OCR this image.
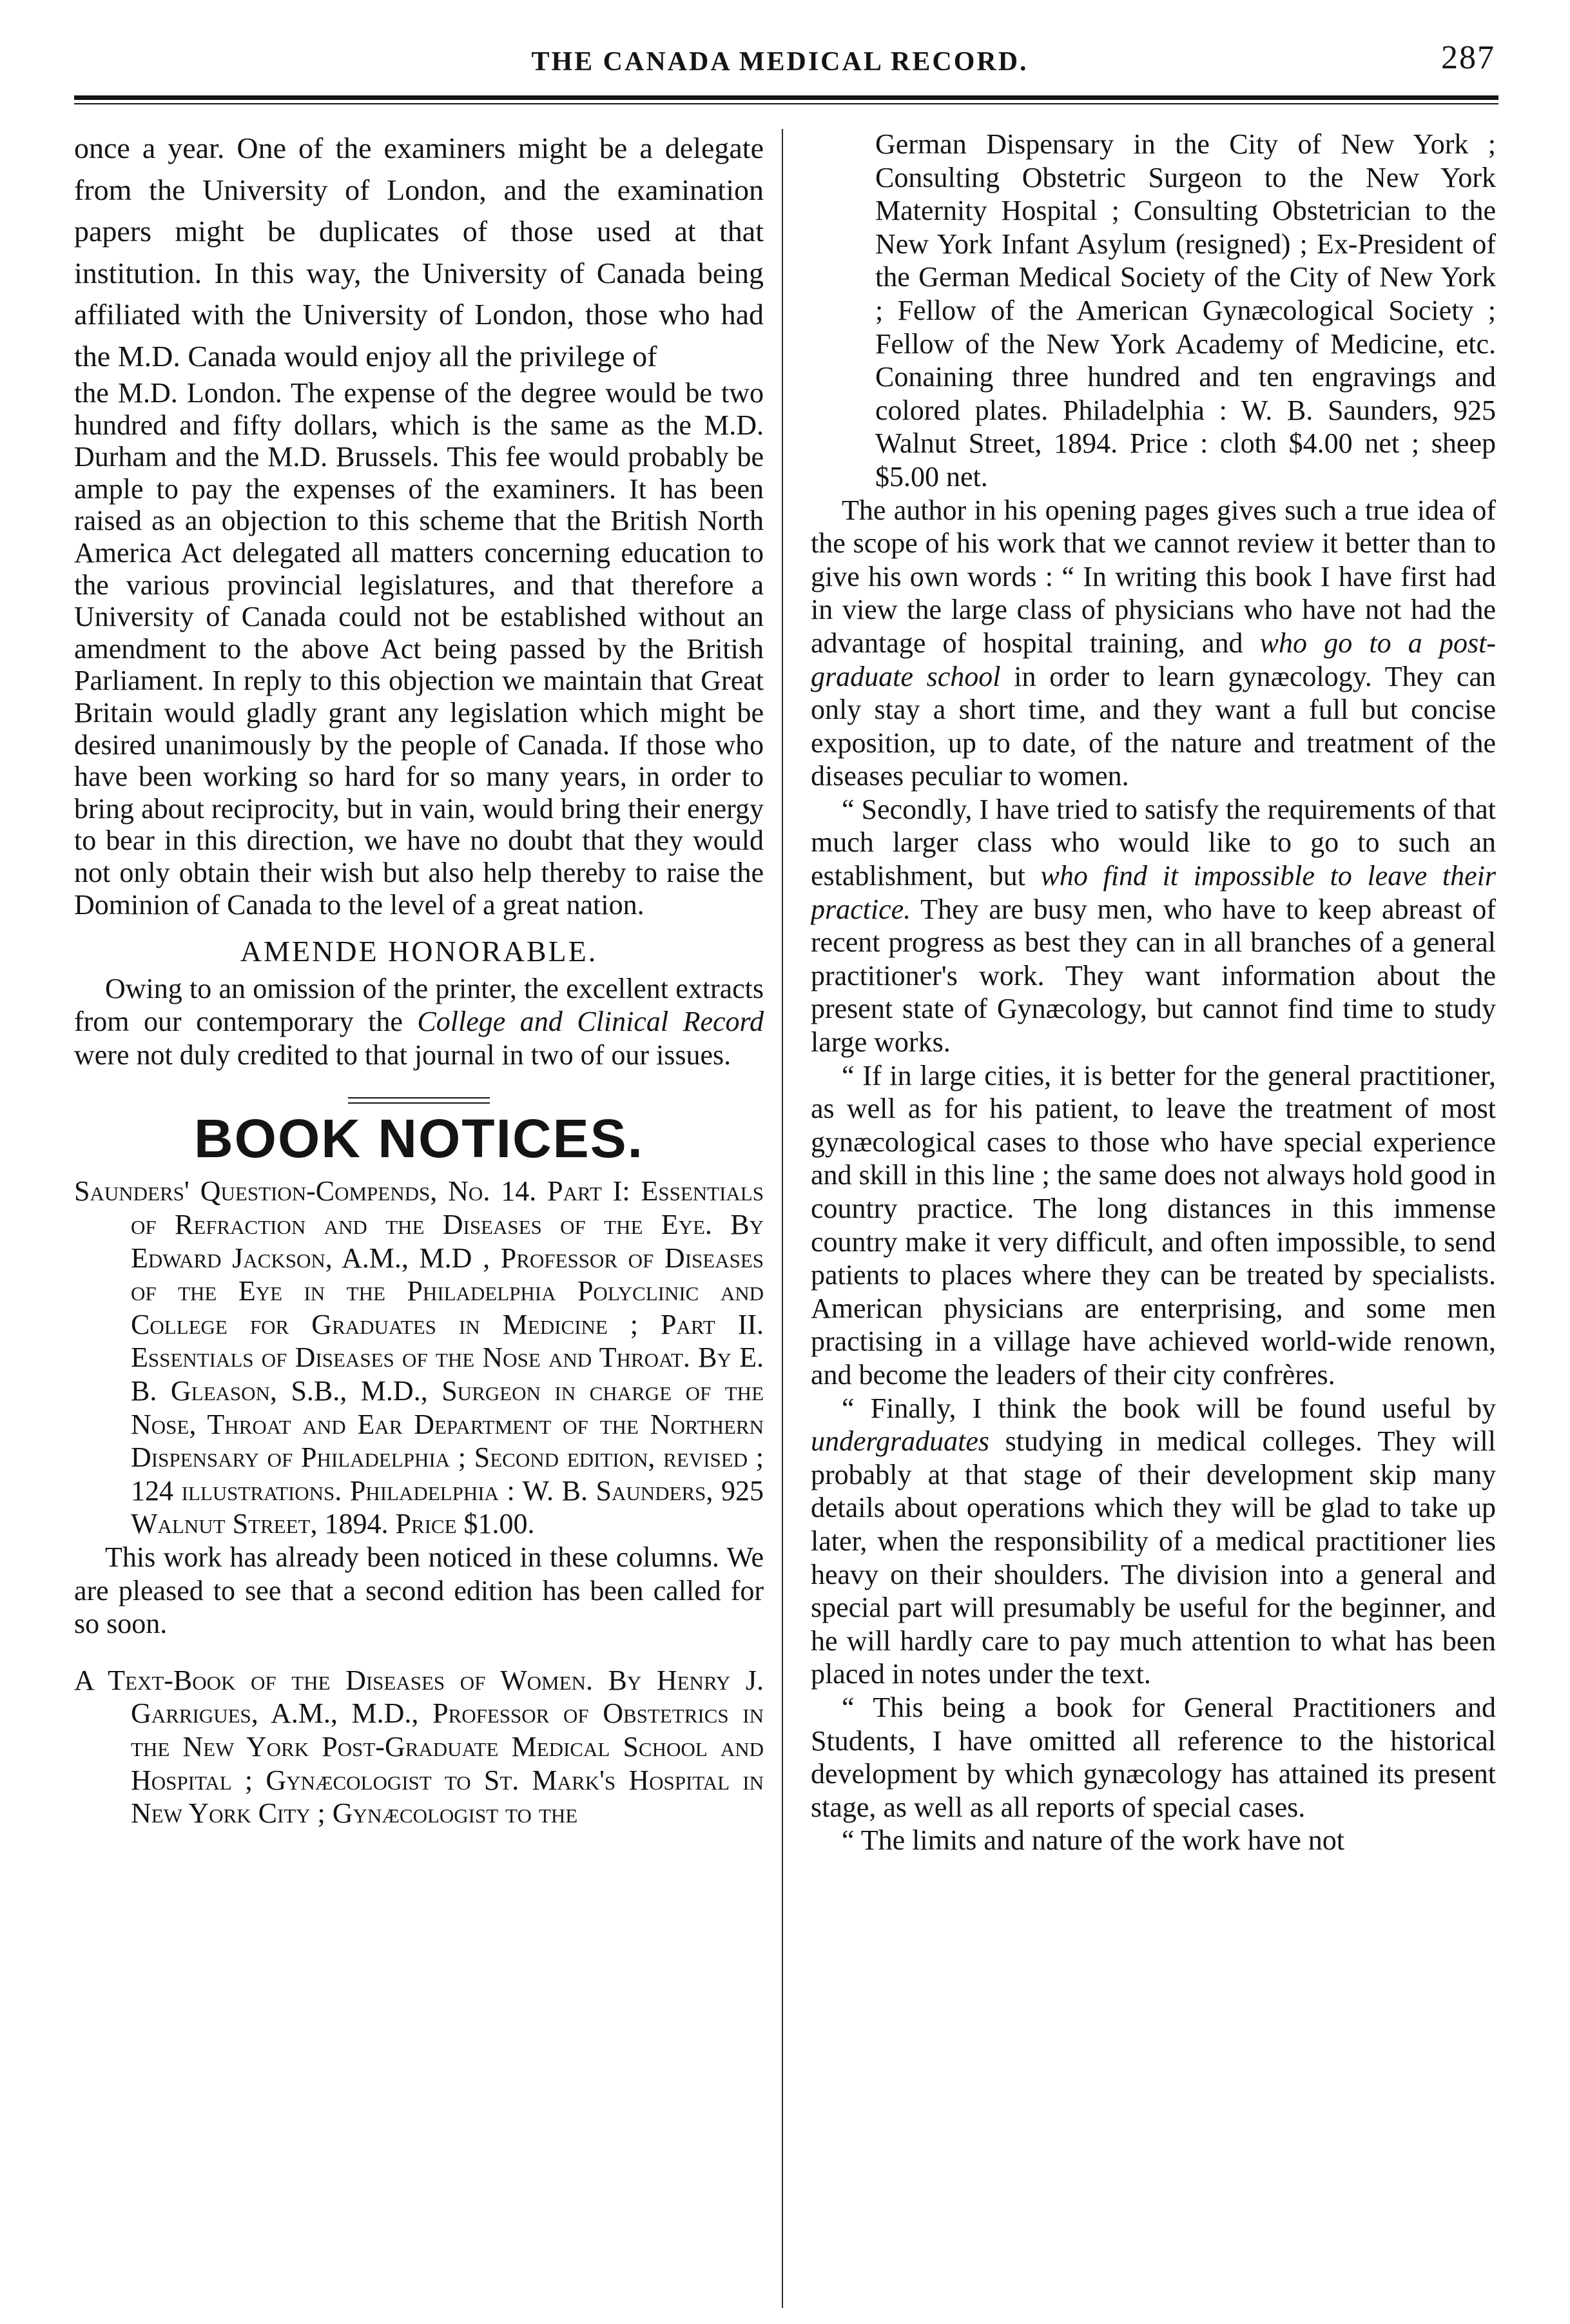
THE CANADA MEDICAL RECORD.	287

once a year. One of the examiners might be a delegate from the University of London, and the examination papers might be duplicates of those used at that institution. In this way, the University of Canada being affiliated with the University of London, those who had the M.D. Canada would enjoy all the privilege of

the M.D. London. The expense of the degree would be two hundred and fifty dollars, which is the same as the M.D. Durham and the M.D. Brussels. This fee would probably be ample to pay the expenses of the examiners. It has been raised as an objection to this scheme that the British North America Act delegated all matters concerning education to the various provincial legislatures, and that therefore a University of Canada could not be established without an amendment to the above Act being passed by the British Parliament. In reply to this objection we maintain that Great Britain would gladly grant any legislation which might be desired unanimously by the people of Canada. If those who have been working so hard for so many years, in order to bring about reciprocity, but in vain, would bring their energy to bear in this direction, we have no doubt that they would not only obtain their wish but also help thereby to raise the Dominion of Canada to the level of a great nation.

AMENDE HONORABLE.

Owing to an omission of the printer, the excellent extracts from our contemporary the College and Clinical Record were not duly credited to that journal in two of our issues.

BOOK NOTICES.

Saunders' Question-Compends, No. 14. Part I: Essentials of Refraction and the Diseases of the Eye. By Edward Jackson, A.M., M.D , Professor of Diseases of the Eye in the Philadelphia Polyclinic and College for Graduates in Medicine ; Part II. Essentials of Diseases of the Nose and Throat. By E. B. Gleason, S.B., M.D., Surgeon in charge of the Nose, Throat and Ear Department of the Northern Dispensary of Philadelphia ; Second edition, revised ; 124 illustrations. Philadelphia : W. B. Saunders, 925 Walnut Street, 1894. Price $1.00.

This work has already been noticed in these columns. We are pleased to see that a second edition has been called for so soon.

A Text-Book of the Diseases of Women. By Henry J. Garrigues, A.M., M.D., Professor of Obstetrics in the New York Post-Graduate Medical School and Hospital ; Gynæcologist to St. Mark's Hospital in New York City ; Gynæcologist to the

German Dispensary in the City of New York ; Consulting Obstetric Surgeon to the New York Maternity Hospital ; Consulting Obstetrician to the New York Infant Asylum (resigned) ; Ex-President of the German Medical Society of the City of New York ; Fellow of the American Gynæcological Society ; Fellow of the New York Academy of Medicine, etc. Conaining three hundred and ten engravings and colored plates. Philadelphia : W. B. Saunders, 925 Walnut Street, 1894. Price : cloth $4.00 net ; sheep $5.00 net.

The author in his opening pages gives such a true idea of the scope of his work that we cannot review it better than to give his own words : “ In writing this book I have first had in view the large class of physicians who have not had the advantage of hospital training, and who go to a post-graduate school in order to learn gynæcology. They can only stay a short time, and they want a full but concise exposition, up to date, of the nature and treatment of the diseases peculiar to women.

“ Secondly, I have tried to satisfy the requirements of that much larger class who would like to go to such an establishment, but who find it impossible to leave their practice. They are busy men, who have to keep abreast of recent progress as best they can in all branches of a general practitioner's work. They want information about the present state of Gynæcology, but cannot find time to study large works.

“ If in large cities, it is better for the general practitioner, as well as for his patient, to leave the treatment of most gynæcological cases to those who have special experience and skill in this line ; the same does not always hold good in country practice. The long distances in this immense country make it very difficult, and often impossible, to send patients to places where they can be treated by specialists. American physicians are enterprising, and some men practising in a village have achieved world-wide renown, and become the leaders of their city confrères.

“ Finally, I think the book will be found useful by undergraduates studying in medical colleges. They will probably at that stage of their development skip many details about operations which they will be glad to take up later, when the responsibility of a medical practitioner lies heavy on their shoulders. The division into a general and special part will presumably be useful for the beginner, and he will hardly care to pay much attention to what has been placed in notes under the text.

“ This being a book for General Practitioners and Students, I have omitted all reference to the historical development by which gynæcology has attained its present stage, as well as all reports of special cases.

“ The limits and nature of the work have not
